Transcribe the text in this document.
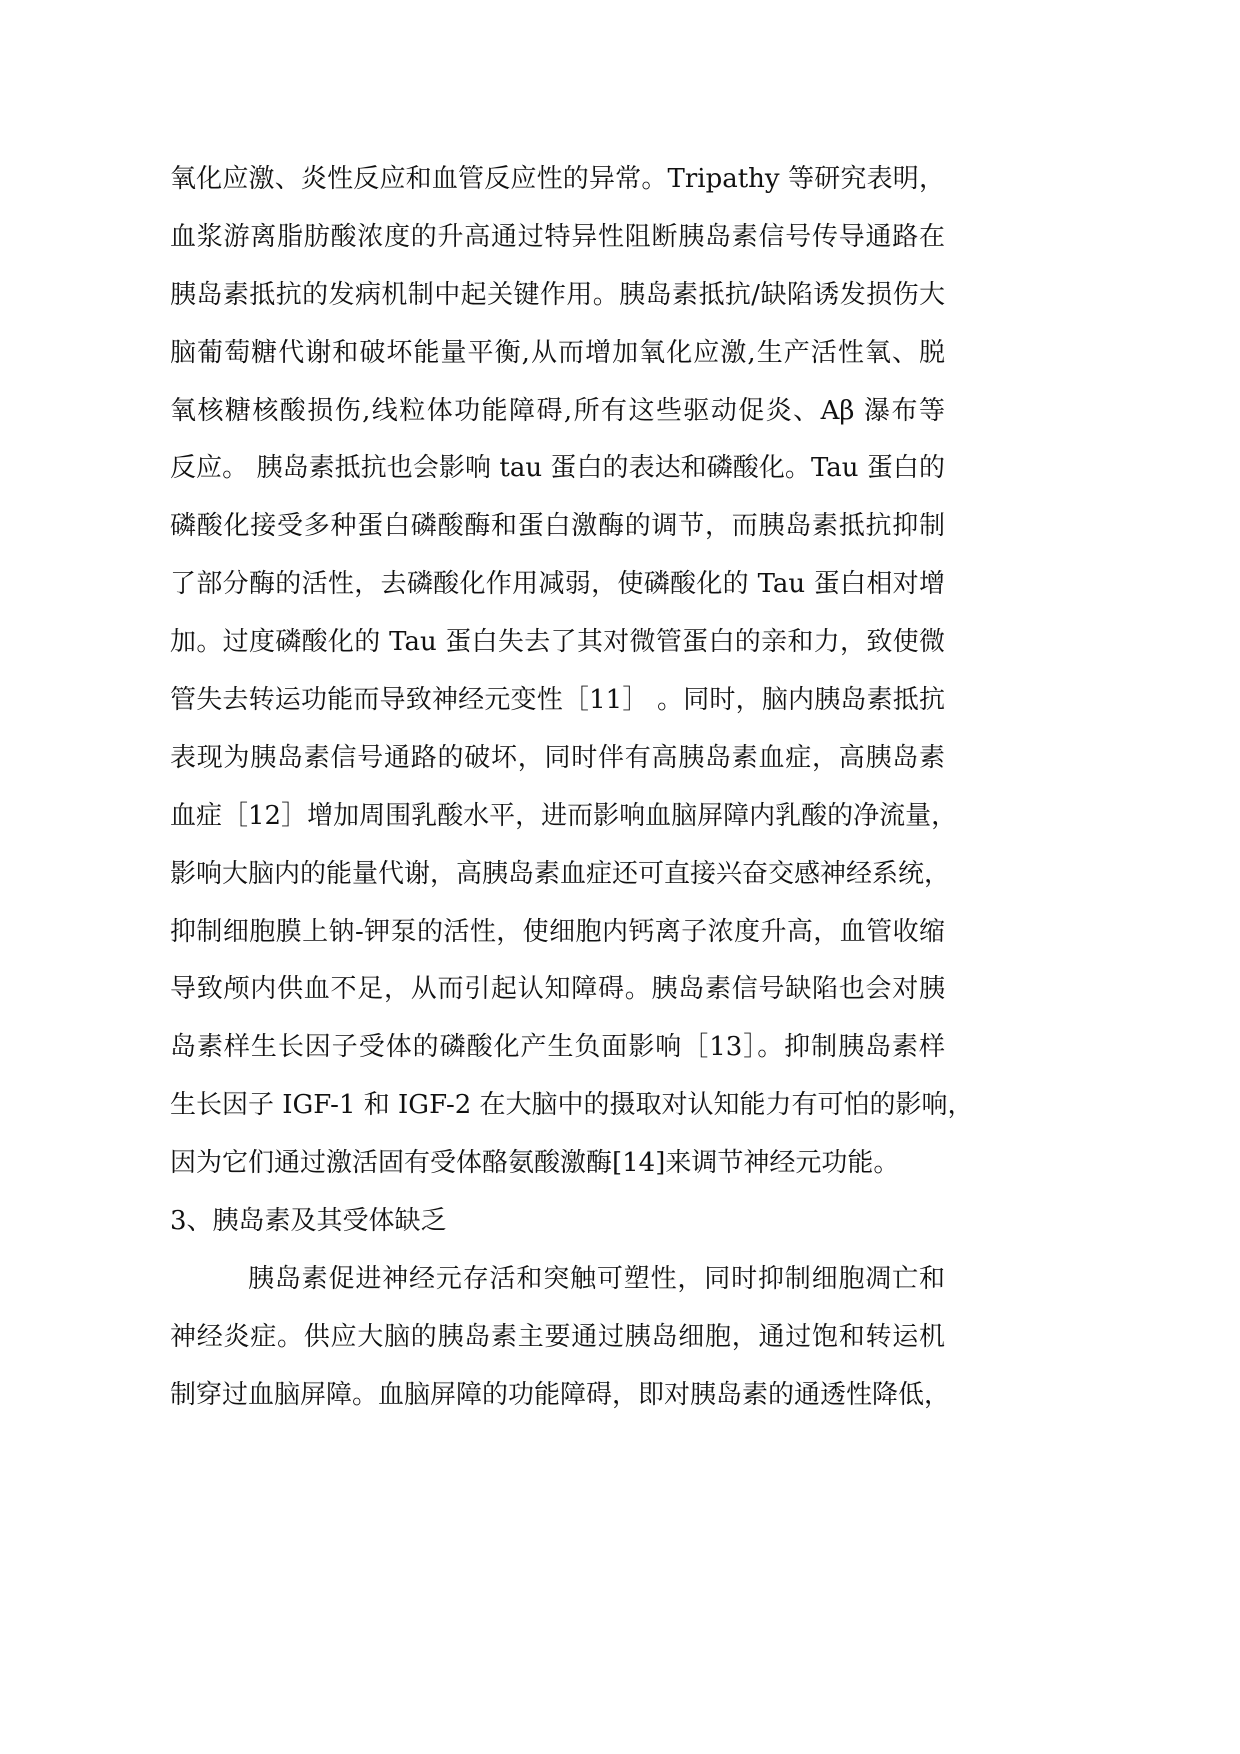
氧化应激、炎性反应和血管反应性的异常。Tripathy 等研究表明，
血浆游离脂肪酸浓度的升高通过特异性阻断胰岛素信号传导通路在
胰岛素抵抗的发病机制中起关键作用。胰岛素抵抗/缺陷诱发损伤大
脑葡萄糖代谢和破坏能量平衡,从而增加氧化应激,生产活性氧、脱
氧核糖核酸损伤,线粒体功能障碍,所有这些驱动促炎、Aβ 瀑布等
反应。 胰岛素抵抗也会影响 tau 蛋白的表达和磷酸化。Tau 蛋白的
磷酸化接受多种蛋白磷酸酶和蛋白激酶的调节，而胰岛素抵抗抑制
了部分酶的活性，去磷酸化作用减弱，使磷酸化的 Tau 蛋白相对增
加。过度磷酸化的 Tau 蛋白失去了其对微管蛋白的亲和力，致使微
管失去转运功能而导致神经元变性［11］ 。同时，脑内胰岛素抵抗
表现为胰岛素信号通路的破坏，同时伴有高胰岛素血症，高胰岛素
血症［12］增加周围乳酸水平，进而影响血脑屏障内乳酸的净流量，
影响大脑内的能量代谢，高胰岛素血症还可直接兴奋交感神经系统，
抑制细胞膜上钠-钾泵的活性，使细胞内钙离子浓度升高，血管收缩
导致颅内供血不足，从而引起认知障碍。胰岛素信号缺陷也会对胰
岛素样生长因子受体的磷酸化产生负面影响［13］。抑制胰岛素样
生长因子 IGF-1 和 IGF-2 在大脑中的摄取对认知能力有可怕的影响，
因为它们通过激活固有受体酪氨酸激酶[14]来调节神经元功能。
3、胰岛素及其受体缺乏
胰岛素促进神经元存活和突触可塑性，同时抑制细胞凋亡和
神经炎症。供应大脑的胰岛素主要通过胰岛细胞，通过饱和转运机
制穿过血脑屏障。血脑屏障的功能障碍，即对胰岛素的通透性降低，
